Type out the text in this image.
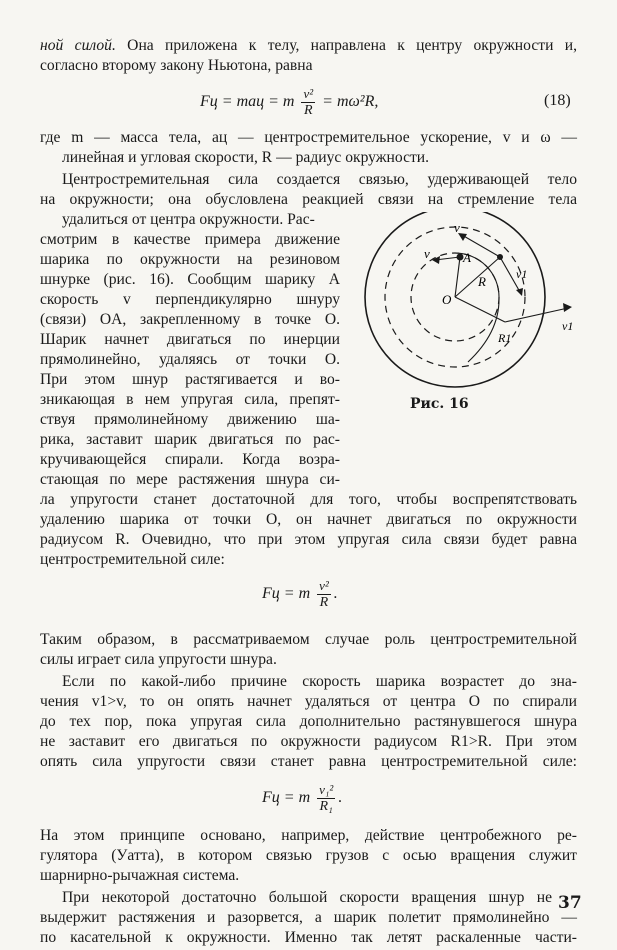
ной силой. Она приложена к телу, направлена к центру окружности и,
согласно второму закону Ньютона, равна
Fц = maц = m $\frac{\text{v²}}{R} = m\omega^2R$,	(18)
где m — масса тела, aц — центростремительное ускорение, v и ω —
линейная и угловая скорости, R — радиус окружности.
Центростремительная сила создается связью, удерживающей тело
на окружности; она обусловлена реакцией связи на стремление тела
удалиться от центра окружности. Рас-
смотрим в качестве примера движение
шарика по окружности на резиновом
шнурке (рис. 16). Сообщим шарику A
скорость v перпендикулярно шнуру
(связи) OA, закрепленному в точке O.
Шарик начнет двигаться по инерции
прямолинейно, удаляясь от точки O.
При этом шнур растягивается и во-
зникающая в нем упругая сила, препят-
ствуя прямолинейному движению ша-
рика, заставит шарик двигаться по рас-
кручивающейся спирали. Когда возра-
стающая по мере растяжения шнура си-
O
A
R
R1
v
v
v1
v1
Рис. 16
ла упругости станет достаточной для того, чтобы воспрепятствовать
удалению шарика от точки O, он начнет двигаться по окружности
радиусом R. Очевидно, что при этом упругая сила связи будет равна
центростремительной силе:
Fц = m $\frac{\text{v²}}{R}$ .
Таким образом, в рассматриваемом случае роль центростремительной
силы играет сила упругости шнура.
Если по какой-либо причине скорость шарика возрастет до зна-
чения v1>v, то он опять начнет удаляться от центра O по спирали
до тех пор, пока упругая сила дополнительно растянувшегося шнура
не заставит его двигаться по окружности радиусом R1>R. При этом
опять сила упругости связи станет равна центростремительной силе:
Fц = m $\frac{\text{v₁²}}{\text{R₁}}$ .
На этом принципе основано, например, действие центробежного ре-
гулятора (Уатта), в котором связью грузов с осью вращения служит
шарнирно-рычажная система.
При некоторой достаточно большой скорости вращения шнур не
выдержит растяжения и разорвется, а шарик полетит прямолинейно —
по касательной к окружности. Именно так летят раскаленные части-
37
